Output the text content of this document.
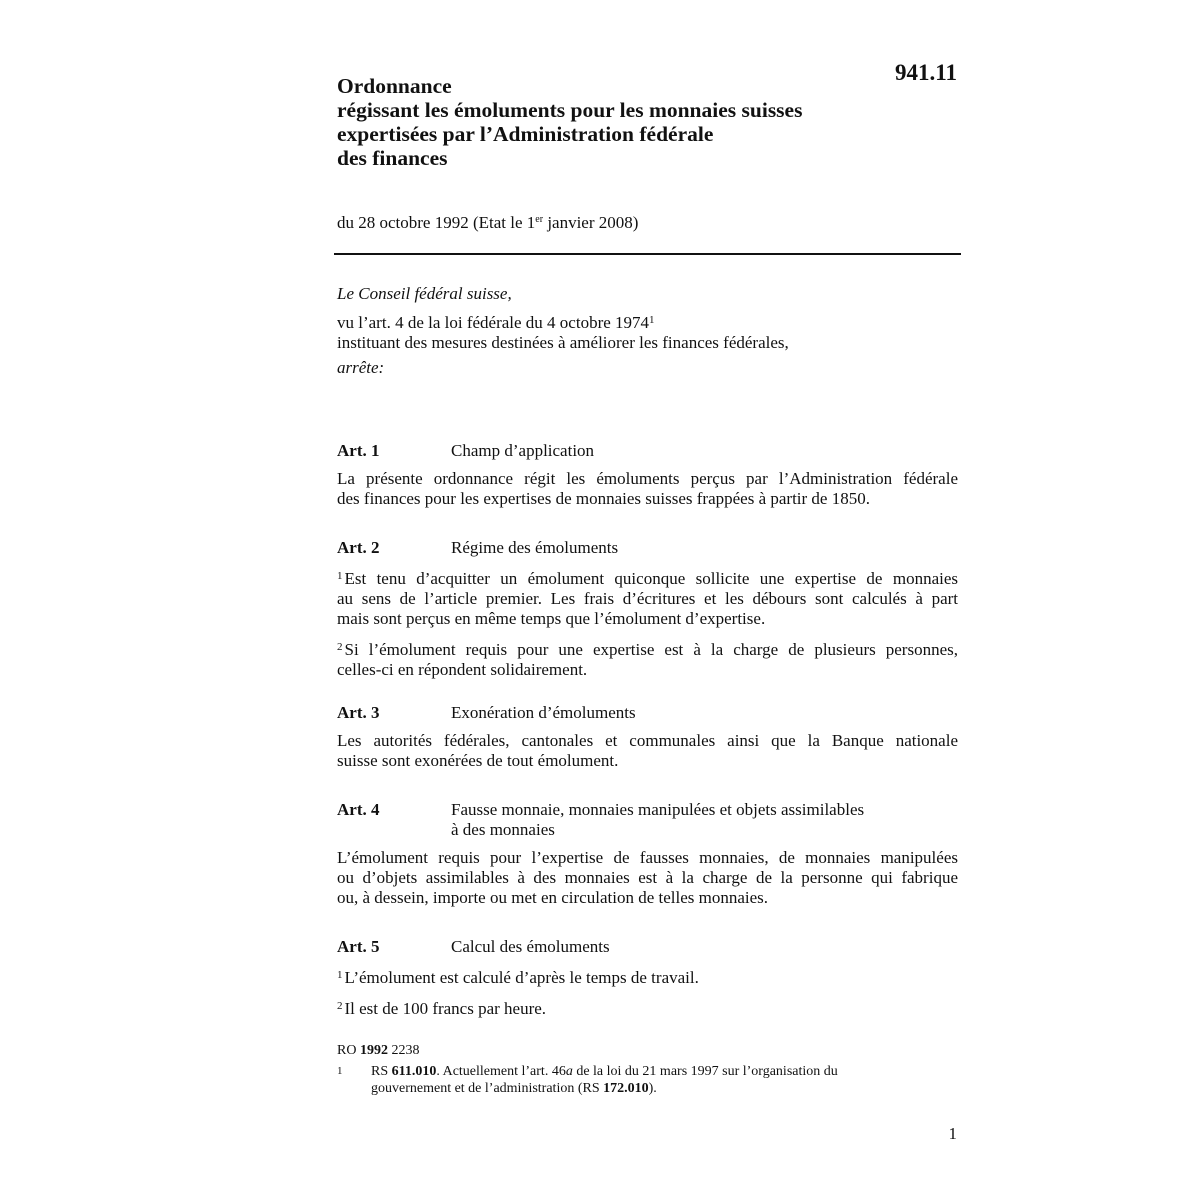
941.11
Ordonnance
régissant les émoluments pour les monnaies suisses
expertisées par l’Administration fédérale
des finances
du 28 octobre 1992 (Etat le 1er janvier 2008)
Le Conseil fédéral suisse,
vu l’art. 4 de la loi fédérale du 4 octobre 1974$^1$
instituant des mesures destinées à améliorer les finances fédérales,
arrête:
Art. 1	Champ d’application
La présente ordonnance régit les émoluments perçus par l’Administration fédérale
des finances pour les expertises de monnaies suisses frappées à partir de 1850.
Art. 2	Régime des émoluments
$^1$ Est tenu d’acquitter un émolument quiconque sollicite une expertise de monnaies
au sens de l’article premier. Les frais d’écritures et les débours sont calculés à part
mais sont perçus en même temps que l’émolument d’expertise.
$^2$ Si l’émolument requis pour une expertise est à la charge de plusieurs personnes,
celles-ci en répondent solidairement.
Art. 3	Exonération d’émoluments
Les autorités fédérales, cantonales et communales ainsi que la Banque nationale
suisse sont exonérées de tout émolument.
Art. 4	Fausse monnaie, monnaies manipulées et objets assimilables
à des monnaies
L’émolument requis pour l’expertise de fausses monnaies, de monnaies manipulées
ou d’objets assimilables à des monnaies est à la charge de la personne qui fabrique
ou, à dessein, importe ou met en circulation de telles monnaies.
Art. 5	Calcul des émoluments
$^1$ L’émolument est calculé d’après le temps de travail.
$^2$ Il est de 100 francs par heure.
RO 1992 2238
1 RS 611.010. Actuellement l’art. 46a de la loi du 21 mars 1997 sur l’organisation du
gouvernement et de l’administration (RS 172.010).
1
